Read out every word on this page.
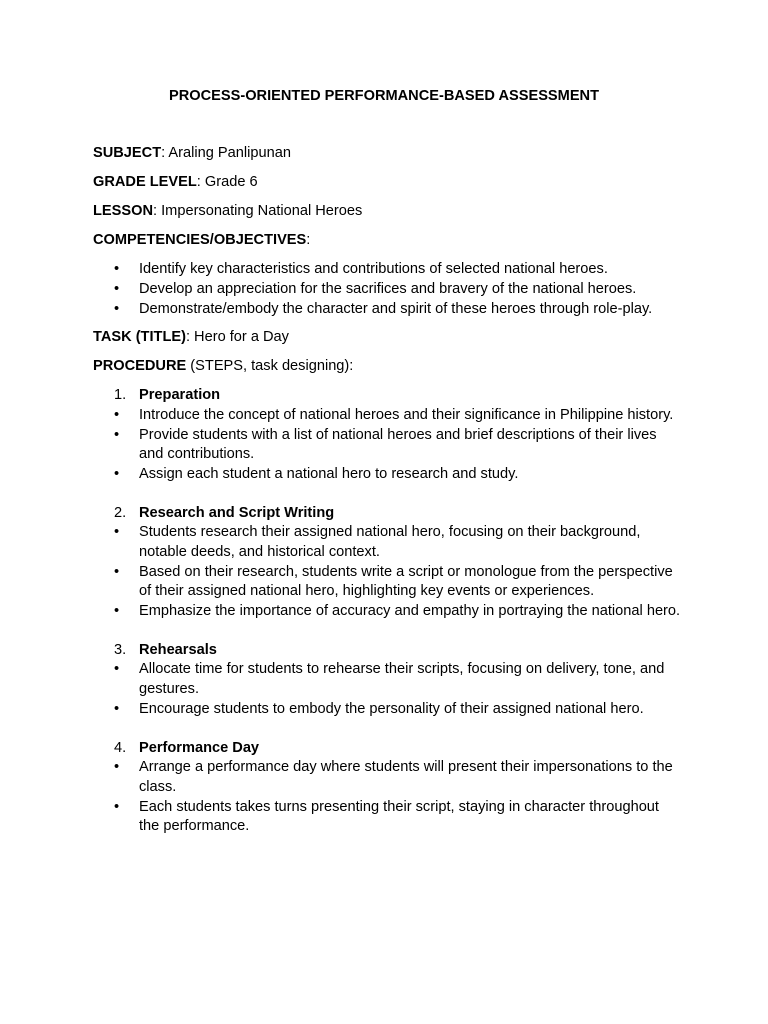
PROCESS-ORIENTED PERFORMANCE-BASED ASSESSMENT
SUBJECT: Araling Panlipunan
GRADE LEVEL: Grade 6
LESSON: Impersonating National Heroes
COMPETENCIES/OBJECTIVES:
• Identify key characteristics and contributions of selected national heroes.
• Develop an appreciation for the sacrifices and bravery of the national heroes.
• Demonstrate/embody the character and spirit of these heroes through role-play.
TASK (TITLE): Hero for a Day
PROCEDURE (STEPS, task designing):
1. Preparation
• Introduce the concept of national heroes and their significance in Philippine history.
• Provide students with a list of national heroes and brief descriptions of their lives and contributions.
• Assign each student a national hero to research and study.
2. Research and Script Writing
• Students research their assigned national hero, focusing on their background, notable deeds, and historical context.
• Based on their research, students write a script or monologue from the perspective of their assigned national hero, highlighting key events or experiences.
• Emphasize the importance of accuracy and empathy in portraying the national hero.
3. Rehearsals
• Allocate time for students to rehearse their scripts, focusing on delivery, tone, and gestures.
• Encourage students to embody the personality of their assigned national hero.
4. Performance Day
• Arrange a performance day where students will present their impersonations to the class.
• Each students takes turns presenting their script, staying in character throughout the performance.
